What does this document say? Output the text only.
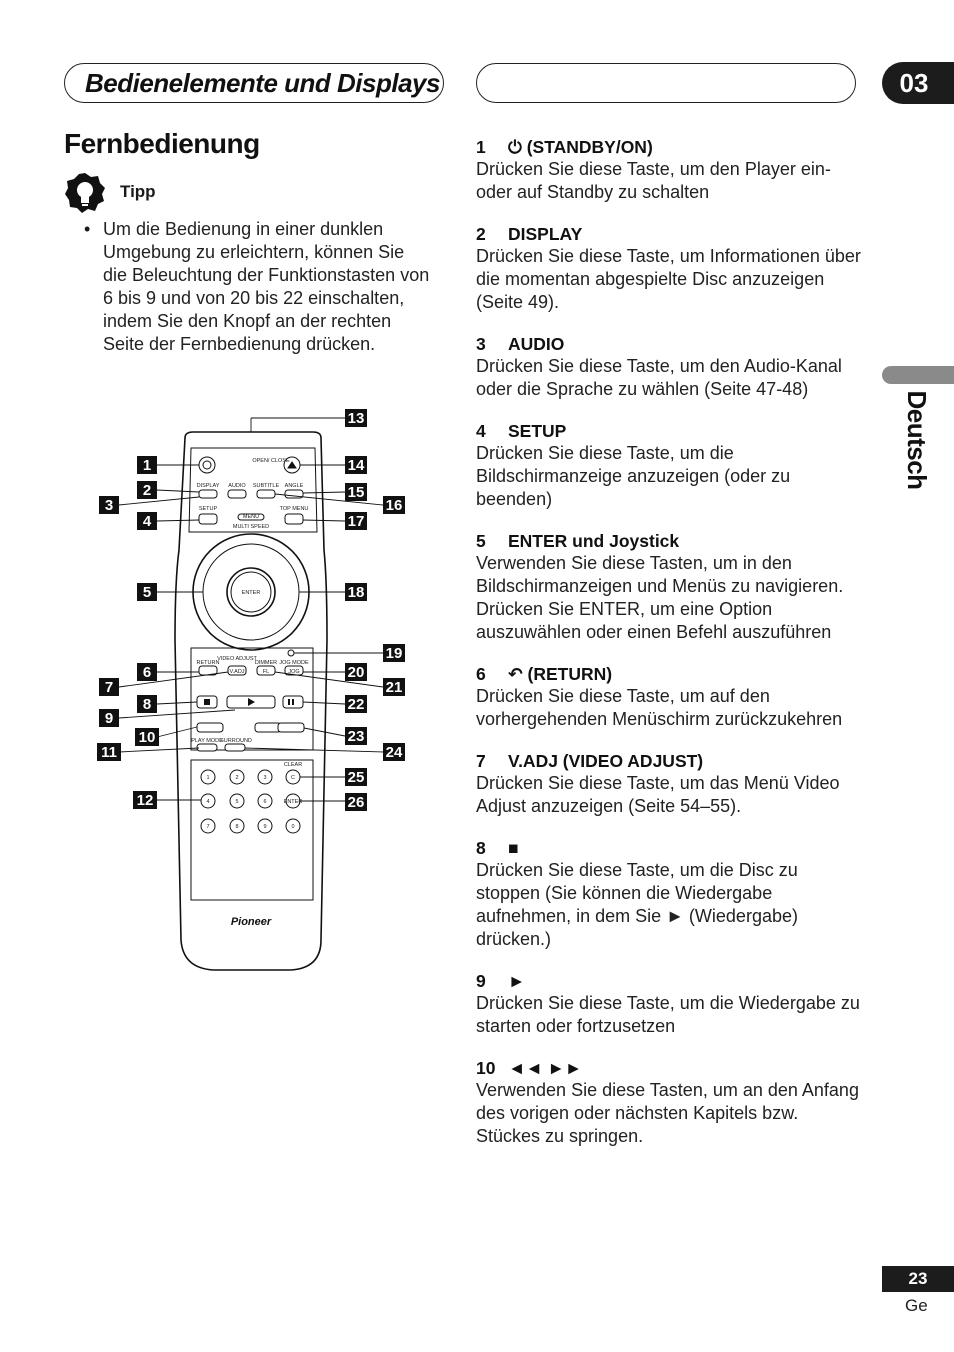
Bedienelemente und Displays	03
Fernbedienung
Tipp
• Um die Bedienung in einer dunklen Umgebung zu erleichtern, können Sie die Beleuchtung der Funktionstasten von 6 bis 9 und von 20 bis 22 einschalten, indem Sie den Knopf an der rechten Seite der Fernbedienung drücken.
1	2	3	C
4	5	6	ENTER
7	8	9	0
OPEN/ CLOSE
DISPLAY AUDIO SUBTITLE ANGLE
SETUP
MENU
TOP MENU
MULTI SPEED
ENTER
RETURN
VIDEO ADJUST
DIMMER JOG MODE
V.ADJ	FL	JOG
PLAY MODE
SURROUND
CLEAR
Pioneer
1
2
3
4
5
6
7
8
9
10
11
12
13
14
15
16
17
18
19
20
21
22
23
24
25
26
Deutsch
1 ⏻ (STANDBY/ON)
Drücken Sie diese Taste, um den Player ein- oder auf Standby zu schalten
2 DISPLAY
Drücken Sie diese Taste, um Informationen über die momentan abgespielte Disc anzuzeigen (Seite 49).
3 AUDIO
Drücken Sie diese Taste, um den Audio-Kanal oder die Sprache zu wählen (Seite 47-48)
4 SETUP
Drücken Sie diese Taste, um die Bildschirmanzeige anzuzeigen (oder zu beenden)
5 ENTER und Joystick
Verwenden Sie diese Tasten, um in den Bildschirmanzeigen und Menüs zu navigieren. Drücken Sie ENTER, um eine Option auszuwählen oder einen Befehl auszuführen
6 ↶ (RETURN)
Drücken Sie diese Taste, um auf den vorhergehenden Menüschirm zurückzukehren
7 V.ADJ (VIDEO ADJUST)
Drücken Sie diese Taste, um das Menü Video Adjust anzuzeigen (Seite 54–55).
8 ■
Drücken Sie diese Taste, um die Disc zu stoppen (Sie können die Wiedergabe aufnehmen, in dem Sie ► (Wiedergabe) drücken.)
9 ►
Drücken Sie diese Taste, um die Wiedergabe zu starten oder fortzusetzen
10 ◄◄ ►►
Verwenden Sie diese Tasten, um an den Anfang des vorigen oder nächsten Kapitels bzw. Stückes zu springen.
23
Ge
